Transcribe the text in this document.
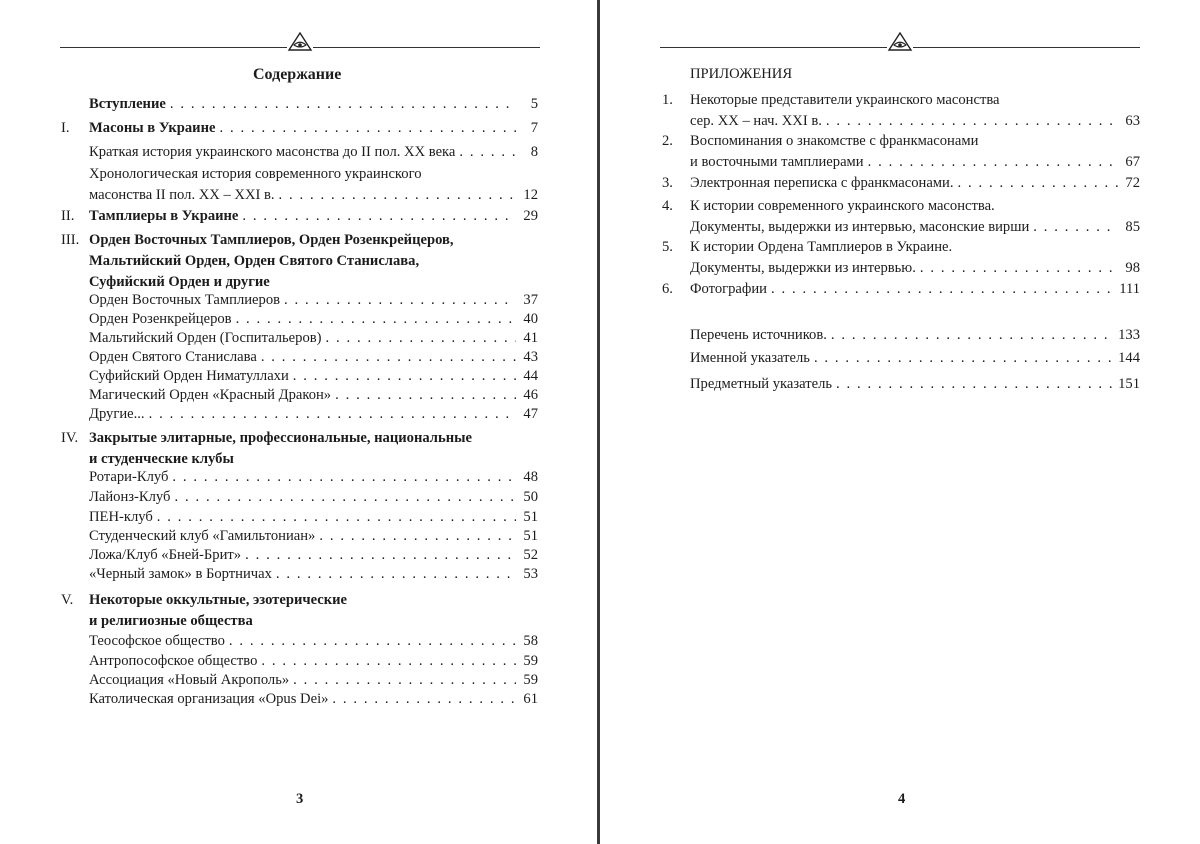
Содержание
Вступление . . .	5
I. Масоны в Украине . . .	7
Краткая история украинского масонства до II пол. XX века . . .	8
Хронологическая история современного украинского
масонства II пол. XX – XXI в. . . .	12
II. Тамплиеры в Украине . . .	29
III. Орден Восточных Тамплиеров, Орден Розенкрейцеров,
Мальтийский Орден, Орден Святого Станислава,
Суфийский Орден и другие
Орден Восточных Тамплиеров . . .	37
Орден Розенкрейцеров . . .	40
Мальтийский Орден (Госпитальеров) . . .	41
Орден Святого Станислава . . .	43
Суфийский Орден Ниматуллахи . . .	44
Магический Орден «Красный Дракон» . . .	46
Другие... . . .	47
IV. Закрытые элитарные, профессиональные, национальные
и студенческие клубы
Ротари-Клуб . . .	48
Лайонз-Клуб . . .	50
ПЕН-клуб . . .	51
Студенческий клуб «Гамильтониан» . . .	51
Ложа/Клуб «Бней-Брит» . . .	52
«Черный замок» в Бортничах . . .	53
V. Некоторые оккультные, эзотерические
и религиозные общества
Теософское общество . . .	58
Антропософское общество . . .	59
Ассоциация «Новый Акрополь» . . .	59
Католическая организация «Opus Dei» . . .	61
3
ПРИЛОЖЕНИЯ
1. Некоторые представители украинского масонства
сер. XX – нач. XXI в. . . .	63
2. Воспоминания о знакомстве с франкмасонами
и восточными тамплиерами . . .	67
3. Электронная переписка с франкмасонами. . . .	72
4. К истории современного украинского масонства.
Документы, выдержки из интервью, масонские вирши . . .	85
5. К истории Ордена Тамплиеров в Украине.
Документы, выдержки из интервью. . . .	98
6. Фотографии . . .	111
Перечень источников. . . .	133
Именной указатель . . .	144
Предметный указатель . . .	151
4
